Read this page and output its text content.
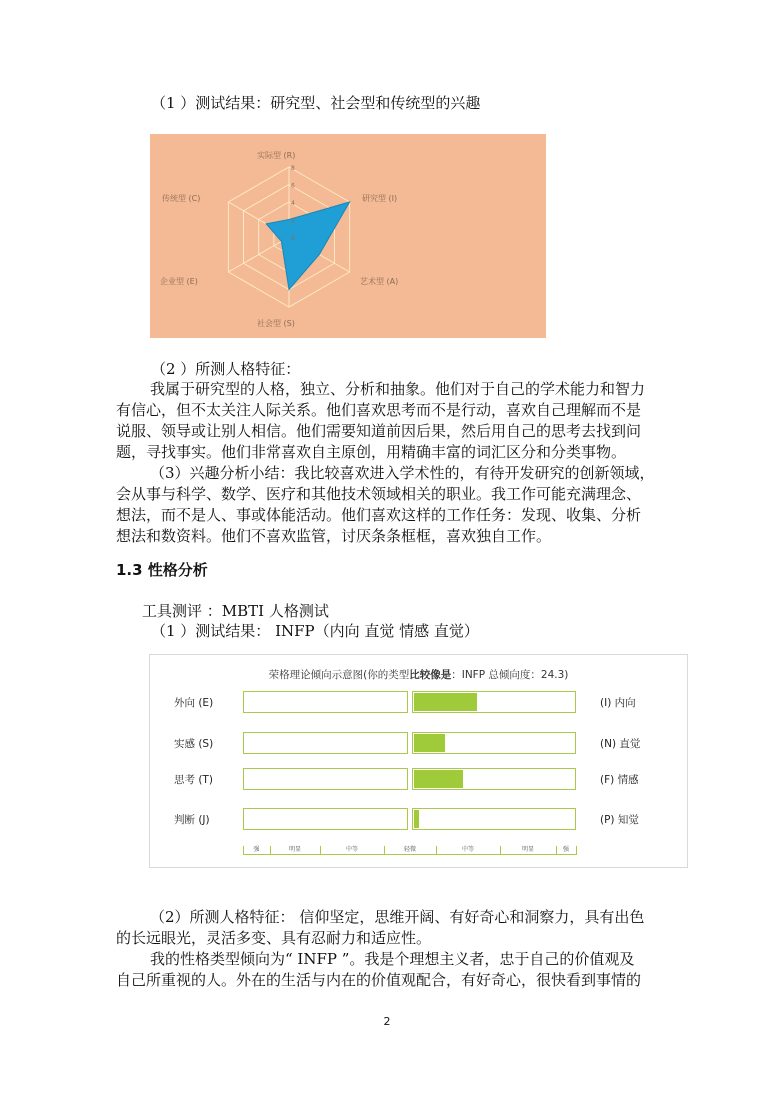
（1 ）测试结果：研究型、社会型和传统型的兴趣
0
2
4
6
8
实际型 (R)
研究型 (I)
艺术型 (A)
社会型 (S)
企业型 (E)
传统型 (C)
（2 ）所测人格特征：
我属于研究型的人格，独立、分析和抽象。他们对于自己的学术能力和智力
有信心，但不太关注人际关系。他们喜欢思考而不是行动，喜欢自己理解而不是
说服、领导或让别人相信。他们需要知道前因后果，然后用自己的思考去找到问
题，寻找事实。他们非常喜欢自主原创，用精确丰富的词汇区分和分类事物。
（3）兴趣分析小结：我比较喜欢进入学术性的，有待开发研究的创新领域，
会从事与科学、数学、医疗和其他技术领域相关的职业。我工作可能充满理念、
想法，而不是人、事或体能活动。他们喜欢这样的工作任务：发现、收集、分析
想法和数资料。他们不喜欢监管，讨厌条条框框，喜欢独自工作。
1.3 性格分析
工具测评 ：MBTI 人格测试
（1 ）测试结果： INFP（内向 直觉 情感 直觉）
荣格理论倾向示意图(你的类型比较像是：INFP 总倾向度：24.3)
外向 (E)	(I) 内向
实感 (S)	(N) 直觉
思考 (T)	(F) 情感
判断 (J)	(P) 知觉
强	明显	中等	轻微	中等	明显	强
（2）所测人格特征： 信仰坚定，思维开阔、有好奇心和洞察力，具有出色
的长远眼光，灵活多变、具有忍耐力和适应性。
我的性格类型倾向为“ INFP ”。我是个理想主义者，忠于自己的价值观及
自己所重视的人。外在的生活与内在的价值观配合，有好奇心，很快看到事情的
2
